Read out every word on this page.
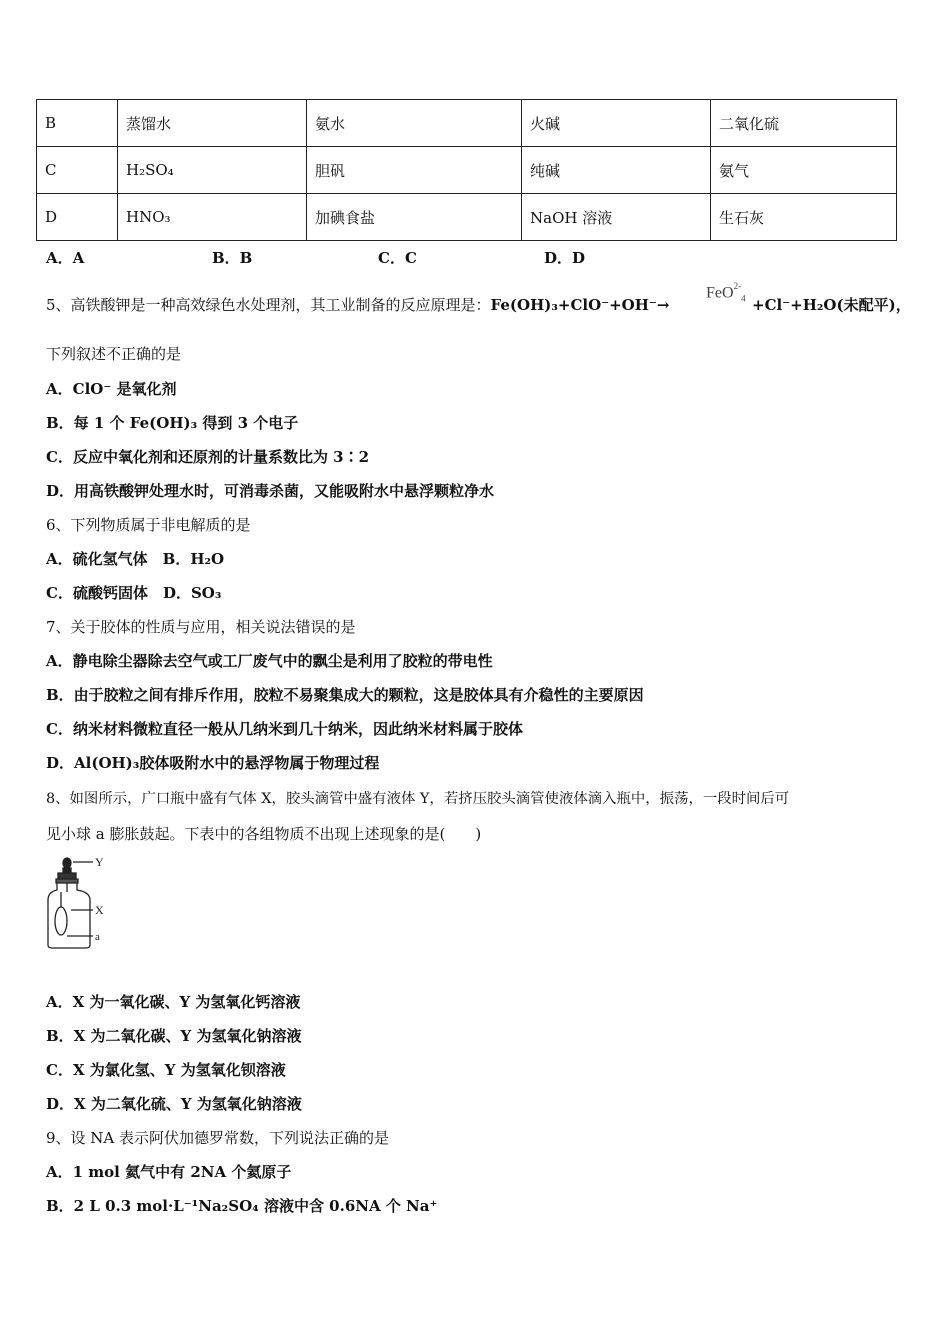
B	蒸馏水	氨水	火碱	二氧化硫
C	H₂SO₄	胆矾	纯碱	氨气
D	HNO₃	加碘食盐	NaOH 溶液	生石灰
A．A	B．B	C．C	D．D
5、高铁酸钾是一种高效绿色水处理剂，其工业制备的反应原理是：Fe(OH)₃+ClO⁻+OH⁻→
FeO$^{2-}_4$ +Cl⁻+H₂O(未配平)，
下列叙述不正确的是
A．ClO⁻ 是氧化剂
B．每 1 个 Fe(OH)₃ 得到 3 个电子
C．反应中氧化剂和还原剂的计量系数比为 3∶2
D．用高铁酸钾处理水时，可消毒杀菌，又能吸附水中悬浮颗粒净水
6、下列物质属于非电解质的是
A．硫化氢气体　B．H₂O
C．硫酸钙固体　D．SO₃
7、关于胶体的性质与应用，相关说法错误的是
A．静电除尘器除去空气或工厂废气中的飘尘是利用了胶粒的带电性
B．由于胶粒之间有排斥作用，胶粒不易聚集成大的颗粒，这是胶体具有介稳性的主要原因
C．纳米材料微粒直径一般从几纳米到几十纳米，因此纳米材料属于胶体
D．Al(OH)₃胶体吸附水中的悬浮物属于物理过程
8、如图所示，广口瓶中盛有气体 X，胶头滴管中盛有液体 Y，若挤压胶头滴管使液体滴入瓶中，振荡，一段时间后可
见小球 a 膨胀鼓起。下表中的各组物质不出现上述现象的是(　　)
Y
X
a
A．X 为一氧化碳、Y 为氢氧化钙溶液
B．X 为二氧化碳、Y 为氢氧化钠溶液
C．X 为氯化氢、Y 为氢氧化钡溶液
D．X 为二氧化硫、Y 为氢氧化钠溶液
9、设 NA 表示阿伏加德罗常数，下列说法正确的是
A．1 mol 氦气中有 2NA 个氦原子
B．2 L 0.3 mol·L⁻¹Na₂SO₄ 溶液中含 0.6NA 个 Na⁺
